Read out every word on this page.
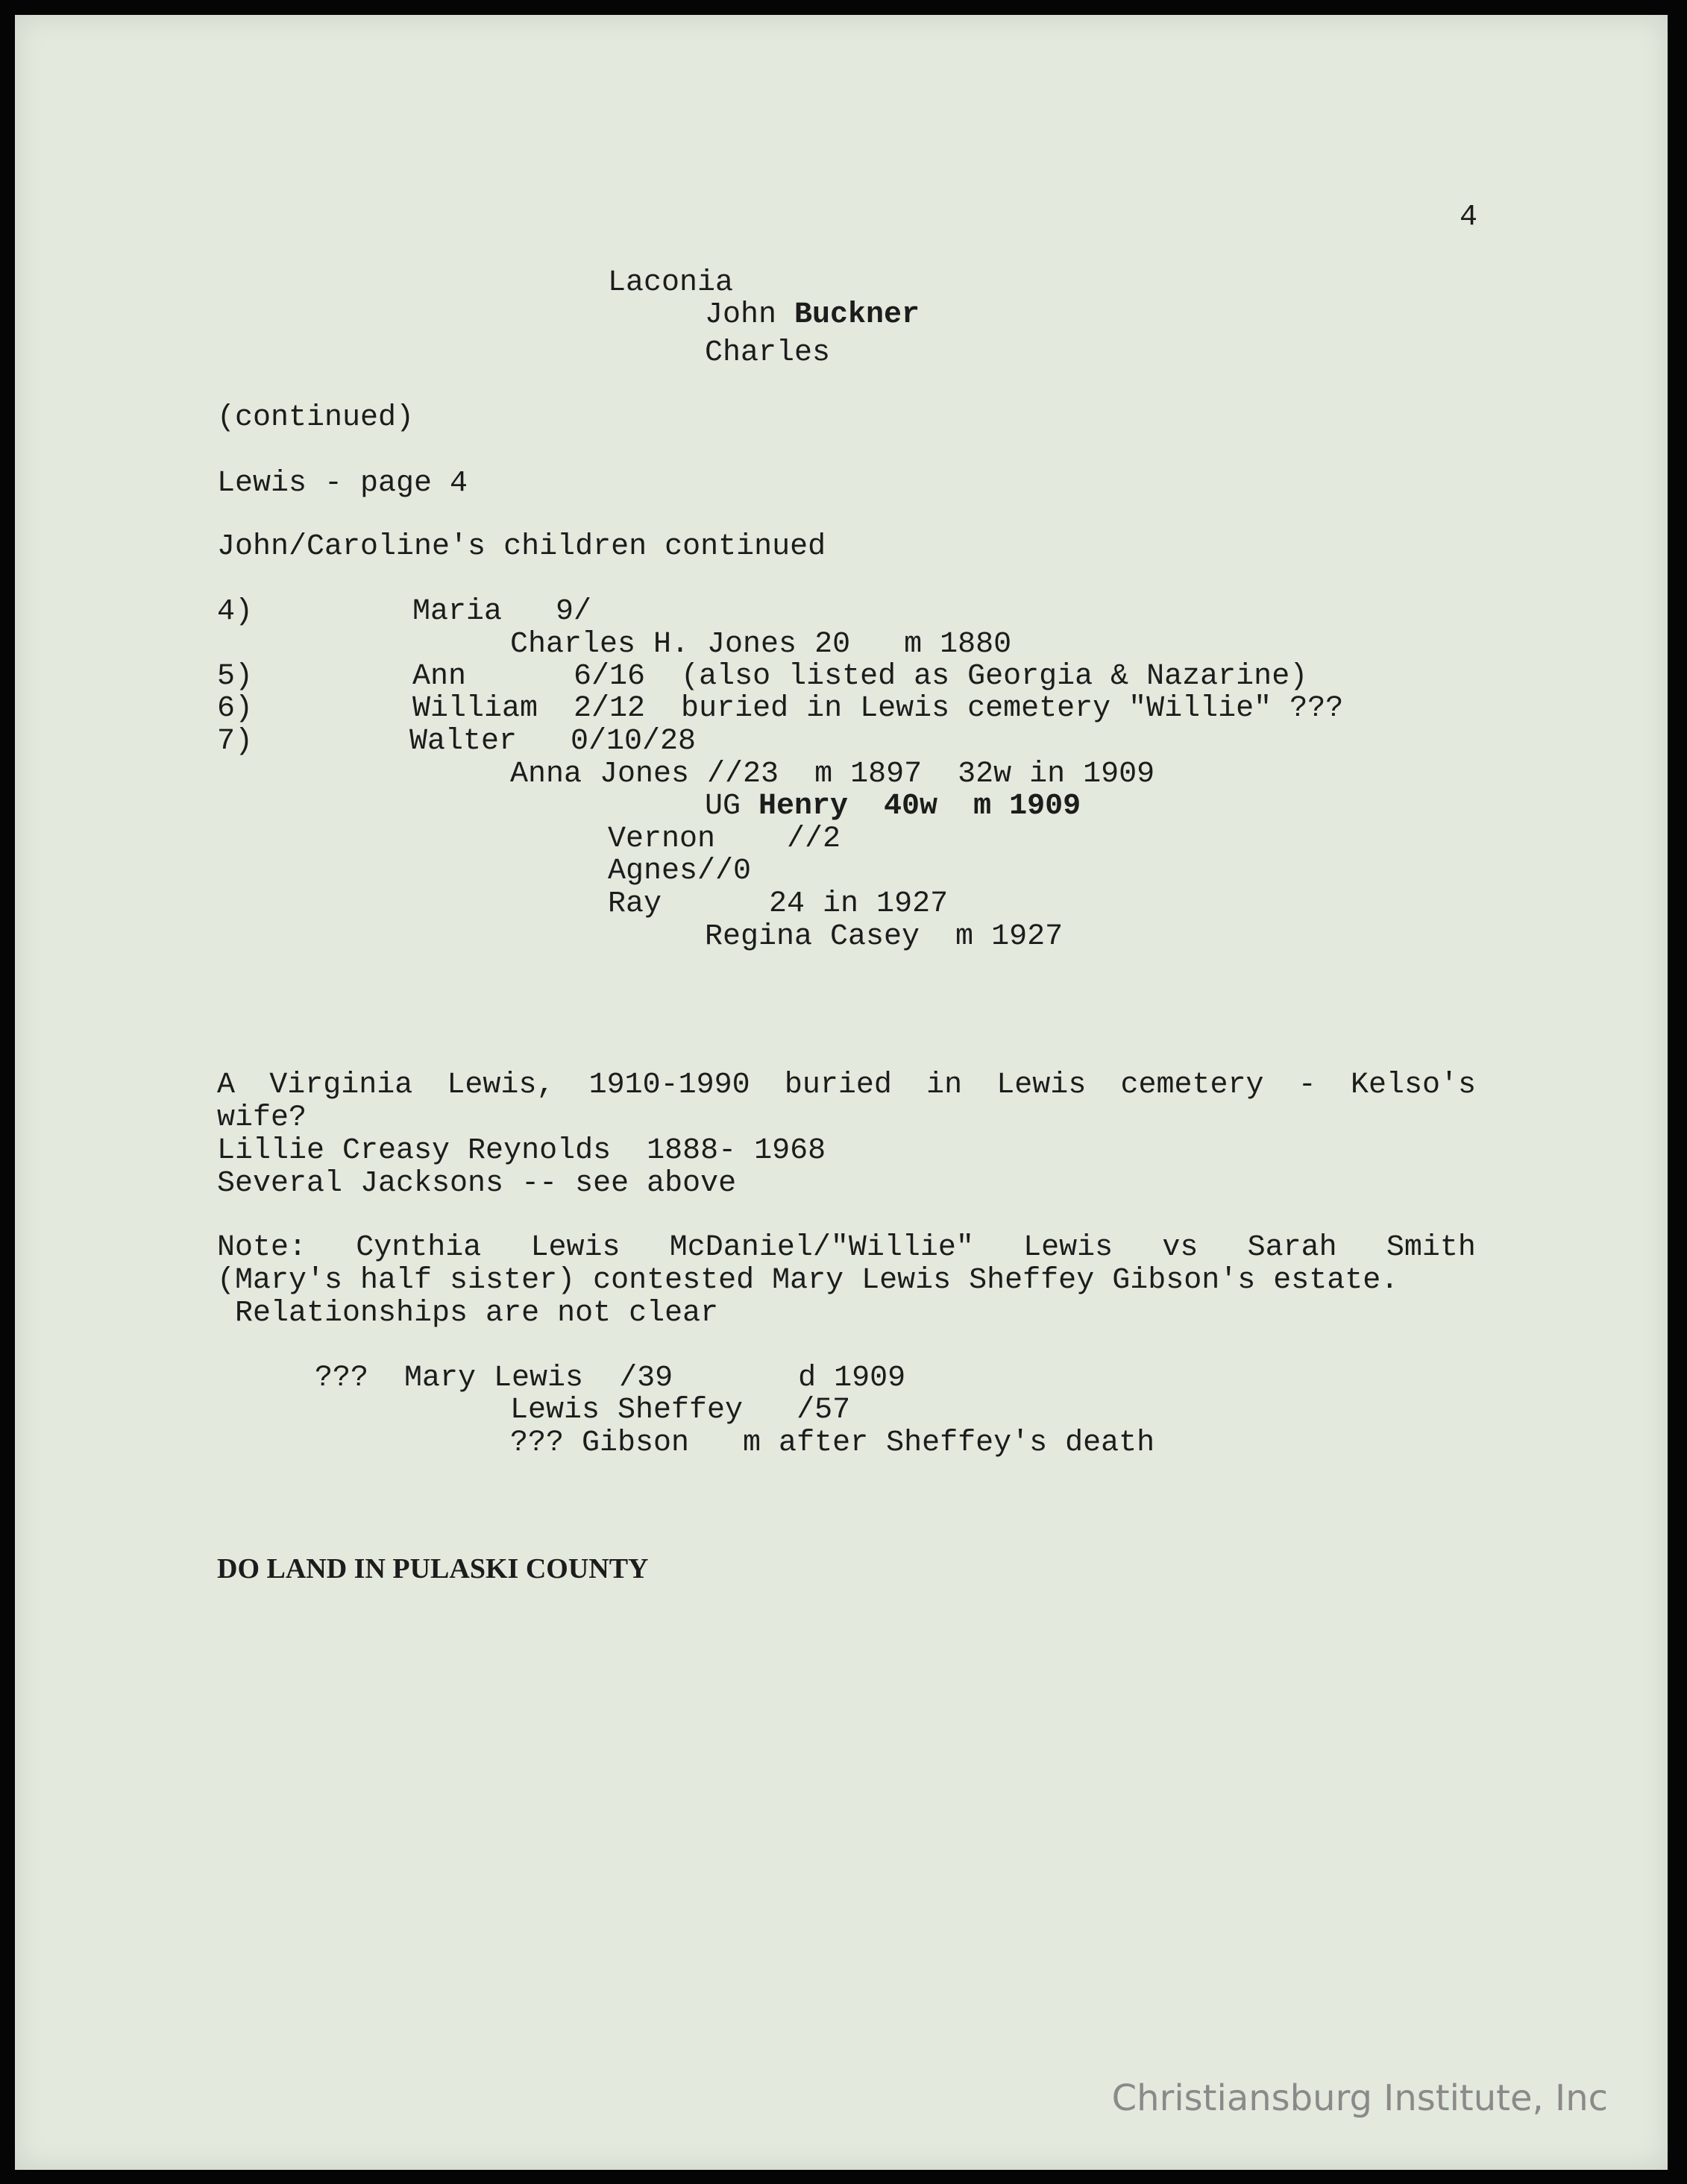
4
Laconia
John Buckner
Charles
(continued)
Lewis - page 4
John/Caroline's children continued
4)	Maria   9/
Charles H. Jones 20   m 1880
5)	Ann      6/16  (also listed as Georgia & Nazarine)
6)	William  2/12  buried in Lewis cemetery "Willie" ???
7)	Walter   0/10/28
Anna Jones //23  m 1897  32w in 1909
UG Henry  40w  m 1909
Vernon    //2
Agnes//0
Ray      24 in 1927
Regina Casey  m 1927
A Virginia Lewis, 1910-1990 buried in Lewis cemetery - Kelso's
wife?
Lillie Creasy Reynolds  1888- 1968
Several Jacksons -- see above
Note: Cynthia Lewis McDaniel/"Willie" Lewis vs Sarah Smith
(Mary's half sister) contested Mary Lewis Sheffey Gibson's estate.
Relationships are not clear
???  Mary Lewis  /39       d 1909
Lewis Sheffey   /57
??? Gibson   m after Sheffey's death
DO LAND IN PULASKI COUNTY
Christiansburg Institute, Inc
